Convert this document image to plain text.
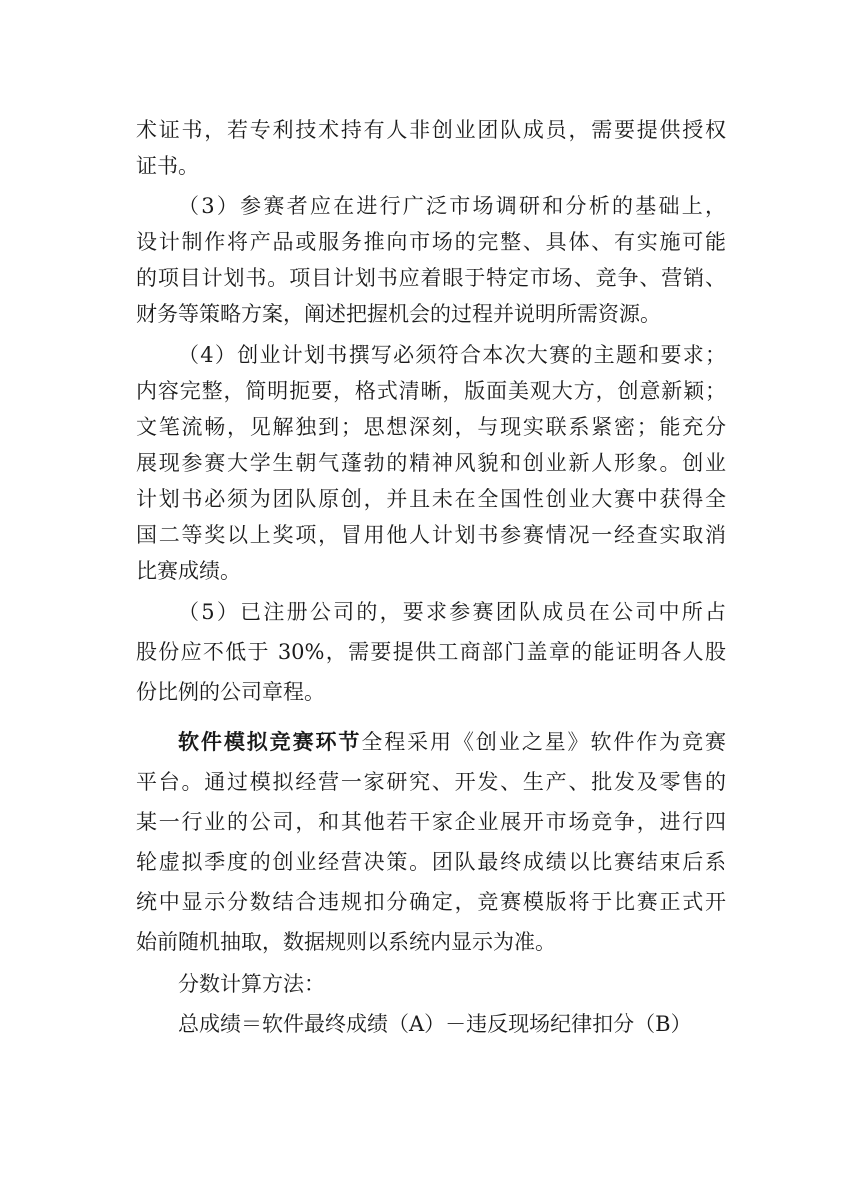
术证书，若专利技术持有人非创业团队成员，需要提供授权
证书。
（3）参赛者应在进行广泛市场调研和分析的基础上，
设计制作将产品或服务推向市场的完整、具体、有实施可能
的项目计划书。项目计划书应着眼于特定市场、竞争、营销、
财务等策略方案，阐述把握机会的过程并说明所需资源。
（4）创业计划书撰写必须符合本次大赛的主题和要求；
内容完整，简明扼要，格式清晰，版面美观大方，创意新颖；
文笔流畅，见解独到；思想深刻，与现实联系紧密；能充分
展现参赛大学生朝气蓬勃的精神风貌和创业新人形象。创业
计划书必须为团队原创，并且未在全国性创业大赛中获得全
国二等奖以上奖项，冒用他人计划书参赛情况一经查实取消
比赛成绩。
（5）已注册公司的，要求参赛团队成员在公司中所占
股份应不低于 30%，需要提供工商部门盖章的能证明各人股
份比例的公司章程。
软件模拟竞赛环节全程采用《创业之星》软件作为竞赛
平台。通过模拟经营一家研究、开发、生产、批发及零售的
某一行业的公司，和其他若干家企业展开市场竞争，进行四
轮虚拟季度的创业经营决策。团队最终成绩以比赛结束后系
统中显示分数结合违规扣分确定，竞赛模版将于比赛正式开
始前随机抽取，数据规则以系统内显示为准。
分数计算方法：
总成绩＝软件最终成绩（A）－违反现场纪律扣分（B）
